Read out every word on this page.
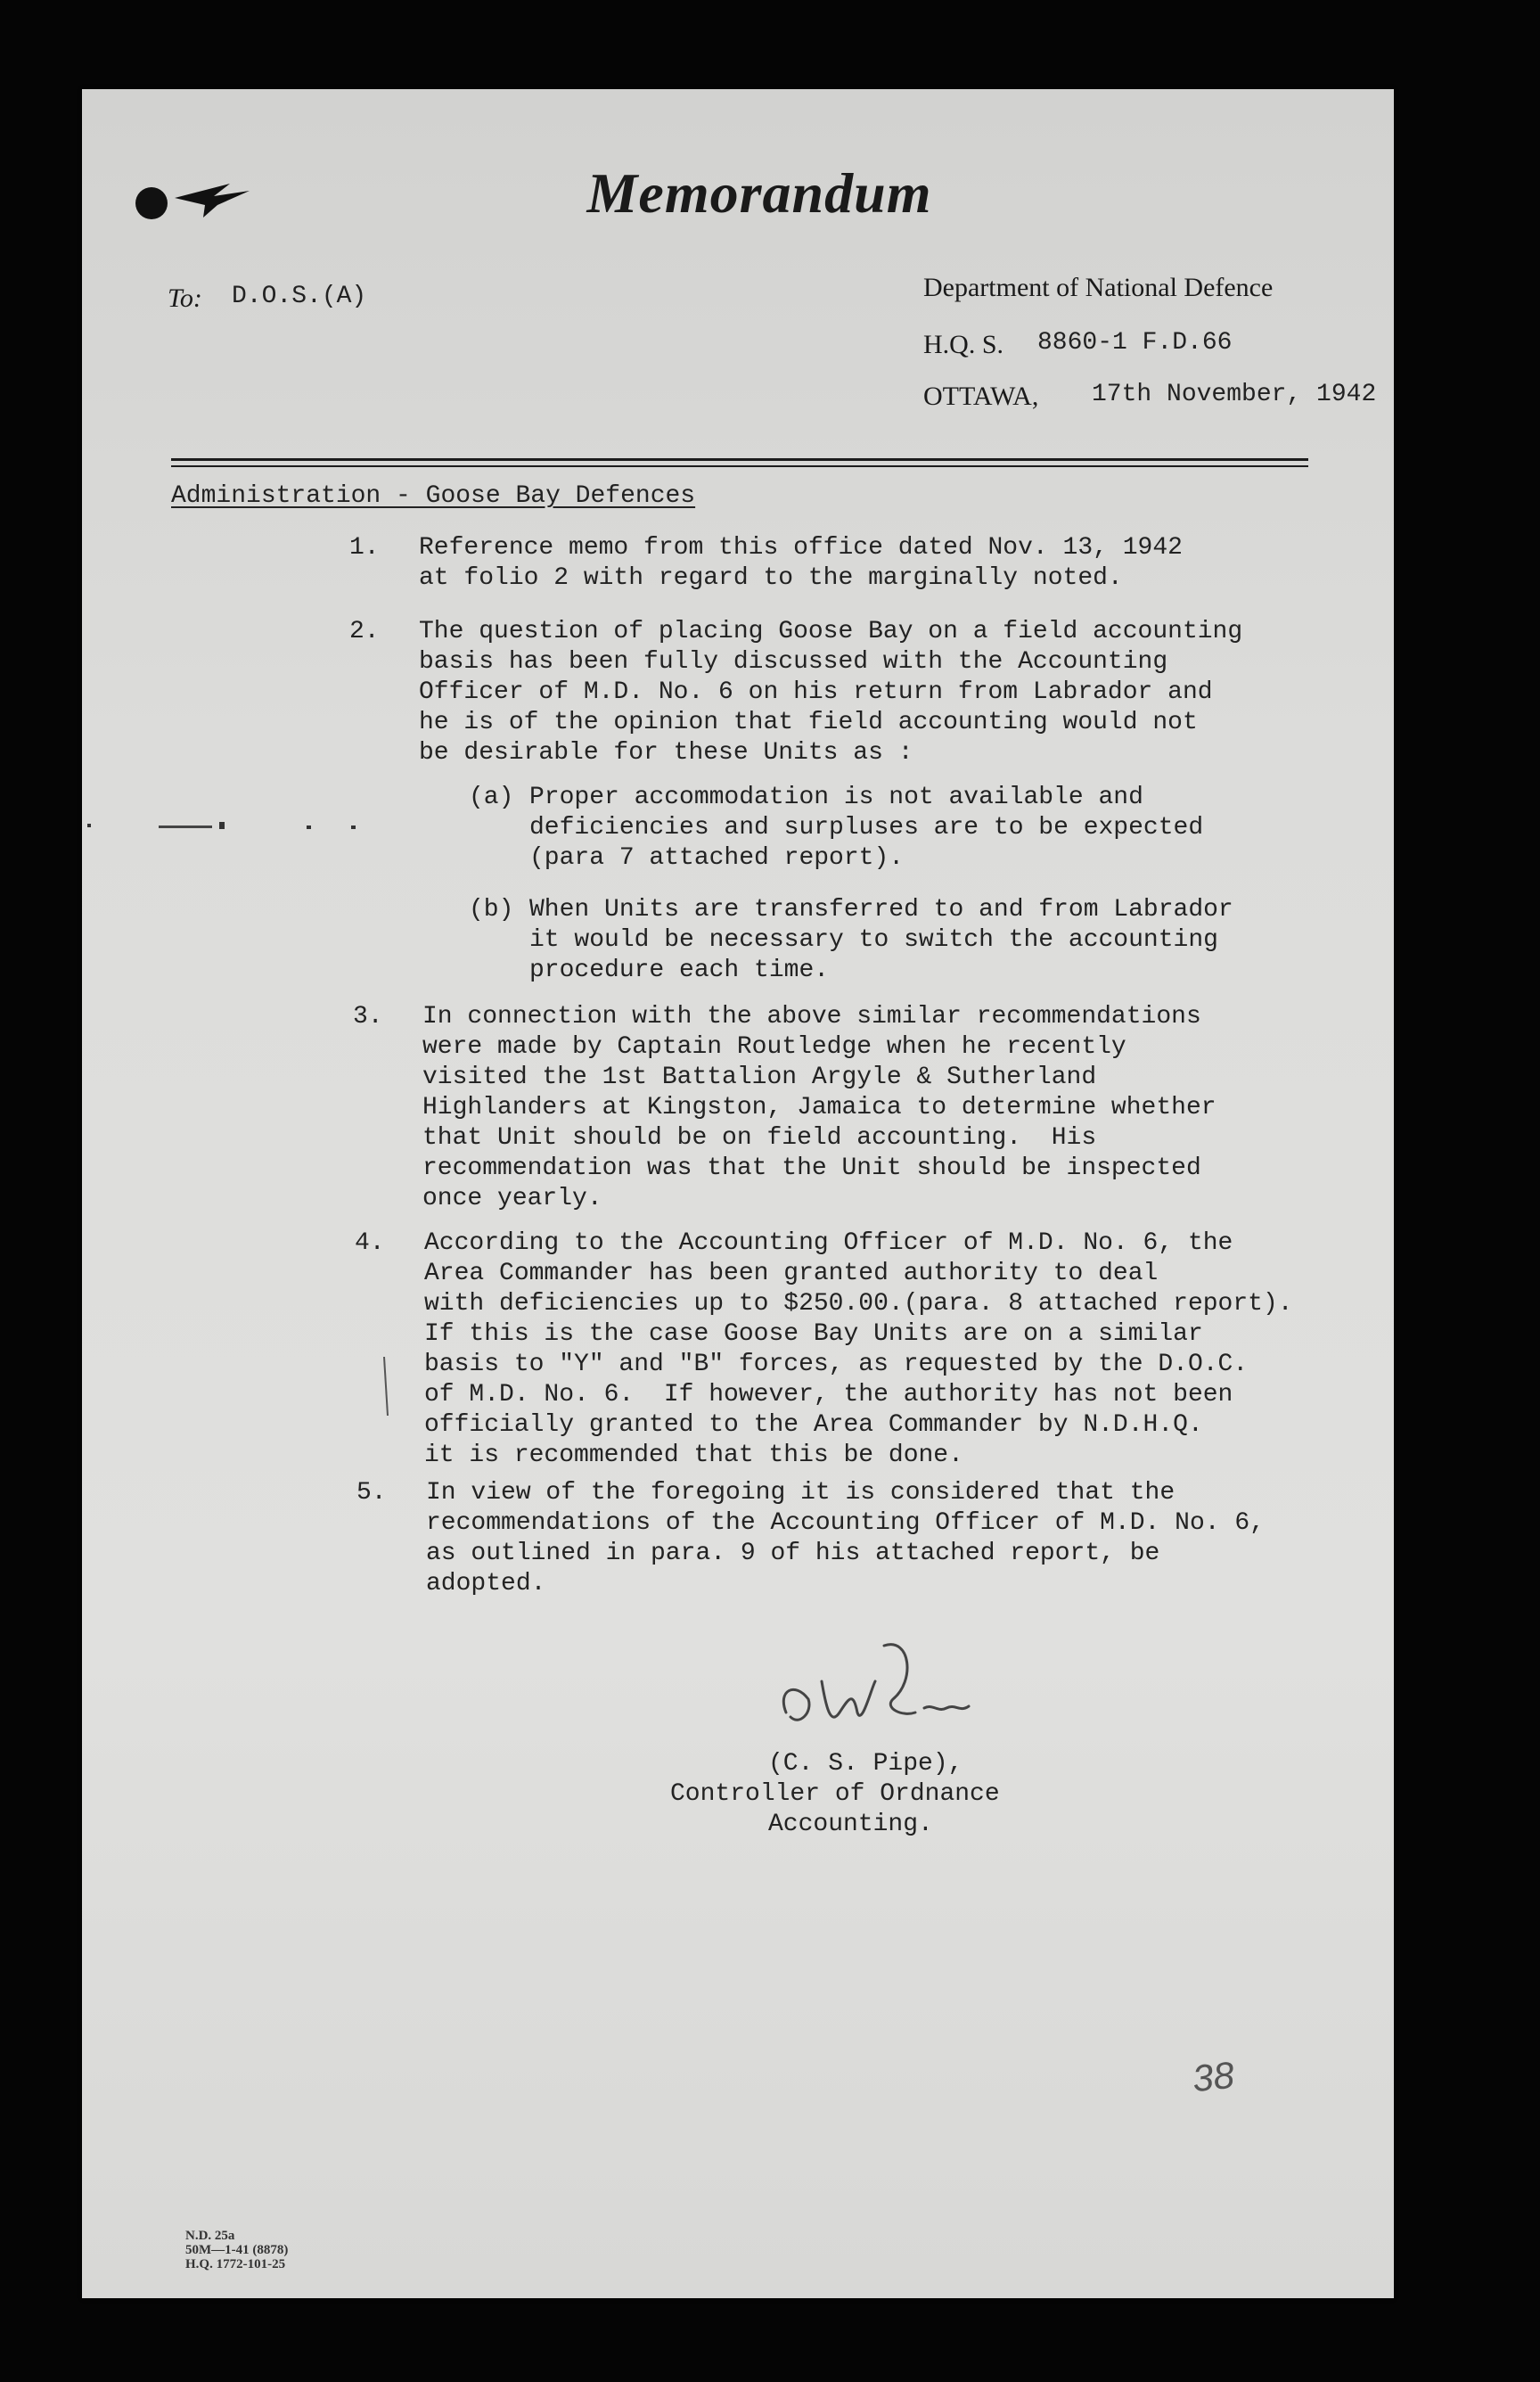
Memorandum
To: D.O.S.(A)	Department of National Defence
H.Q. S. 8860-1 F.D.66
OTTAWA, 17th November, 1942
Administration - Goose Bay Defences
1. Reference memo from this office dated Nov. 13, 1942
at folio 2 with regard to the marginally noted.
2. The question of placing Goose Bay on a field accounting
basis has been fully discussed with the Accounting
Officer of M.D. No. 6 on his return from Labrador and
he is of the opinion that field accounting would not
be desirable for these Units as :
(a) Proper accommodation is not available and
deficiencies and surpluses are to be expected
(para 7 attached report).
(b) When Units are transferred to and from Labrador
it would be necessary to switch the accounting
procedure each time.
3. In connection with the above similar recommendations
were made by Captain Routledge when he recently
visited the 1st Battalion Argyle & Sutherland
Highlanders at Kingston, Jamaica to determine whether
that Unit should be on field accounting.  His
recommendation was that the Unit should be inspected
once yearly.
4. According to the Accounting Officer of M.D. No. 6, the
Area Commander has been granted authority to deal
with deficiencies up to $250.00.(para. 8 attached report).
If this is the case Goose Bay Units are on a similar
basis to "Y" and "B" forces, as requested by the D.O.C.
of M.D. No. 6.  If however, the authority has not been
officially granted to the Area Commander by N.D.H.Q.
it is recommended that this be done.
5. In view of the foregoing it is considered that the
recommendations of the Accounting Officer of M.D. No. 6,
as outlined in para. 9 of his attached report, be
adopted.
(C. S. Pipe),
Controller of Ordnance
Accounting.
38
N.D. 25a
50M—1-41 (8878)
H.Q. 1772-101-25
